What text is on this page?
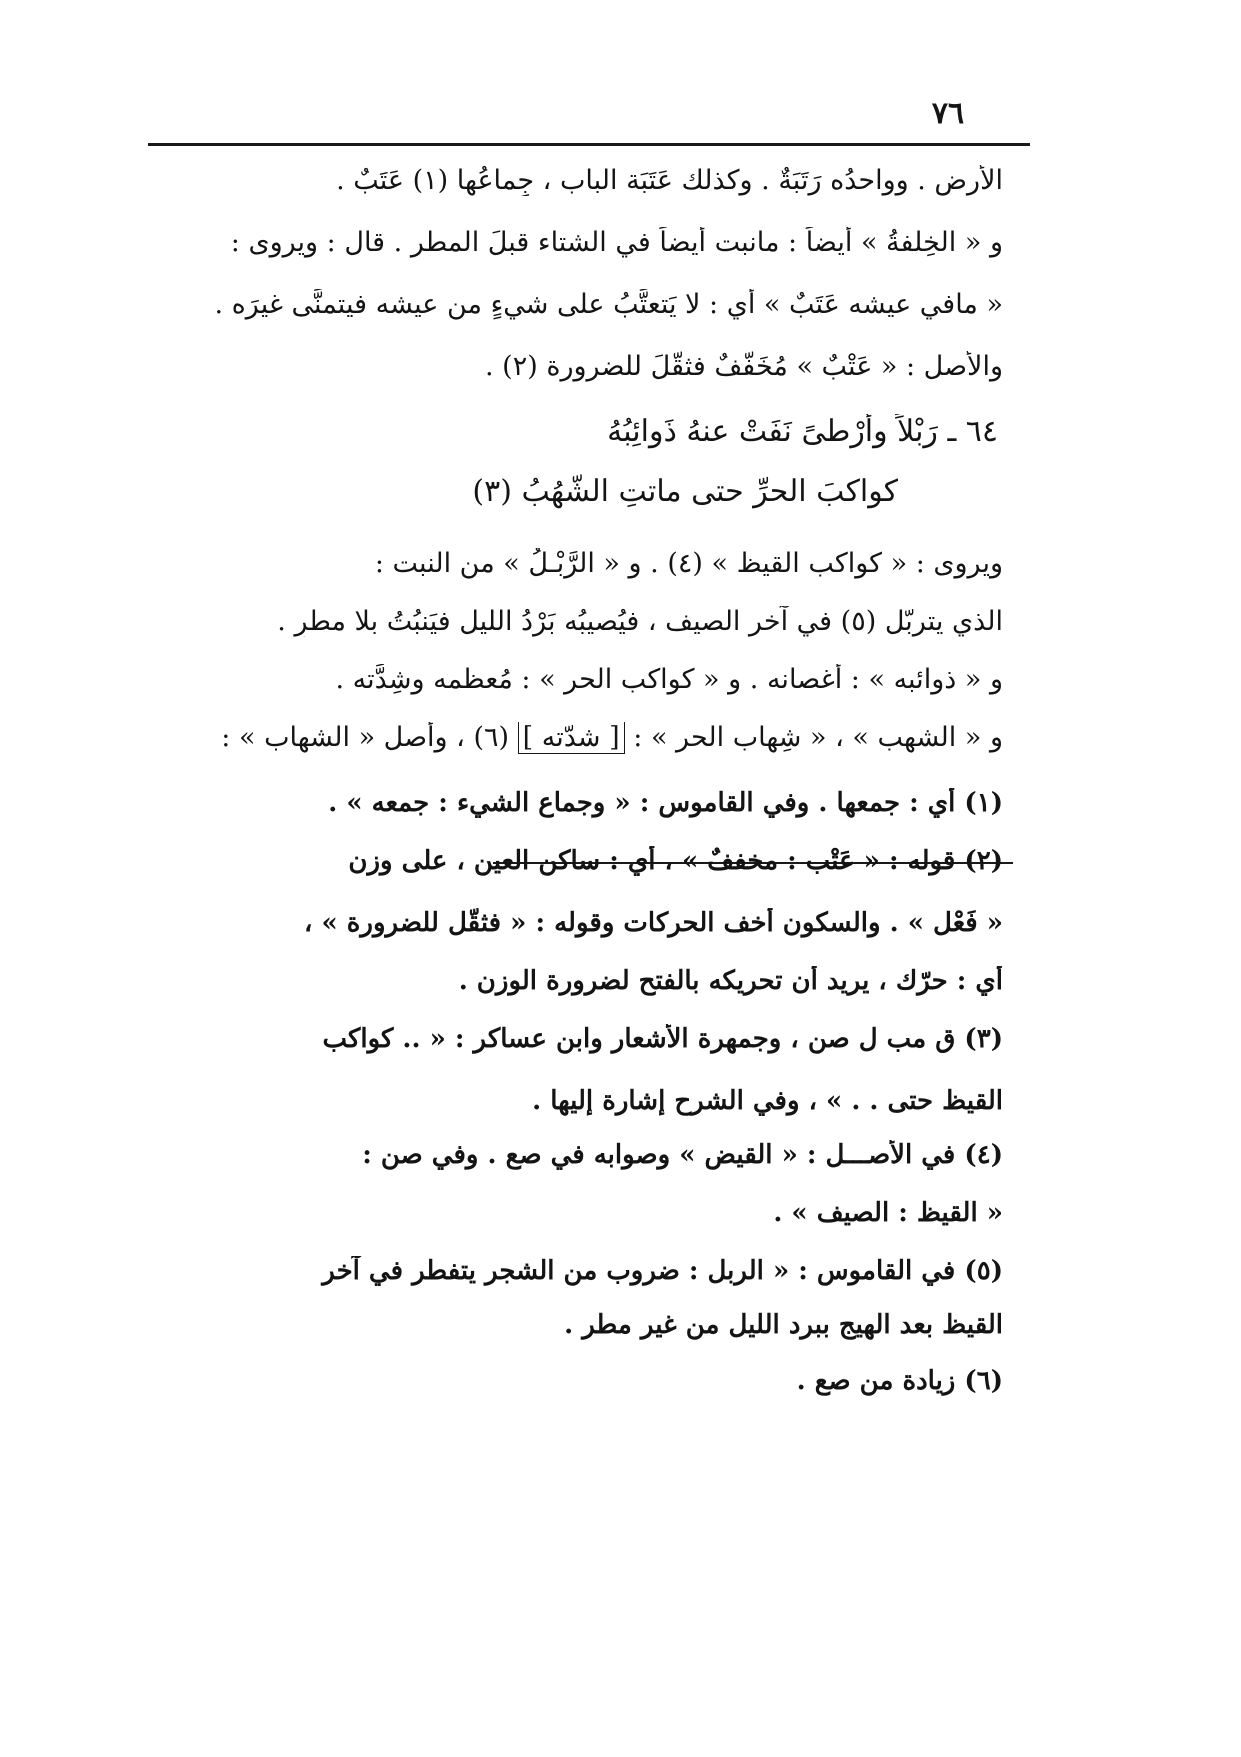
٧٦
الأرض . وواحدُه رَتَبَةٌ . وكذلك عَتَبَة الباب ، جِماعُها (١) عَتَبٌ .
و « الخِلفةُ » أيضاً : مانبت أيضاً في الشتاء قبلَ المطر . قال : ويروى :
« مافي عيشه عَتَبٌ » أي : لا يَتعتَّبُ على شيءٍ من عيشه فيتمنَّى غيرَه .
والأصل : « عَتْبٌ » مُخَفَّفٌ فثقَّلَ للضرورة (٢) .
٦٤ ـ رَبْلاً وأَرْطىً نَفَتْ عنهُ ذَوائِبُهُ
كواكبَ الحرِّ حتى ماتتِ الشُّهُبُ (٣)
ويروى : « كواكب القيظ » (٤) . و « الرَّبْـلُ » من النبت :
الذي يتربّل (٥) في آخر الصيف ، فيُصيبُه بَرْدُ الليل فيَنبُتُ بلا مطرٍ .
و « ذوائبه » : أغصانه . و « كواكب الحر » : مُعظمه وشِدَّته .
و « الشهب » ، « شِهاب الحر » : [ شدّته ] (٦) ، وأصل « الشهاب » :
(١) أي : جمعها . وفي القاموس : « وجماع الشيء : جمعه » .
(٢) قوله : « عَتْب : مخففٌ » ، أي : ساكن العين ، على وزن
« فَعْل » . والسكون أخف الحركات وقوله : « فثقّل للضرورة » ،
أي : حرّك ، يريد أن تحريكه بالفتح لضرورة الوزن .
(٣) ق مب ل صن ، وجمهرة الأشعار وابن عساكر : « .. كواكب
القيظ حتى . . » ، وفي الشرح إشارة إليها .
(٤) في الأصـــل : « القيض » وصوابه في صع . وفي صن :
« القيظ : الصيف » .
(٥) في القاموس : « الربل : ضروب من الشجر يتفطر في آخر
القيظ بعد الهيج ببرد الليل من غير مطر .
(٦) زيادة من صع .
